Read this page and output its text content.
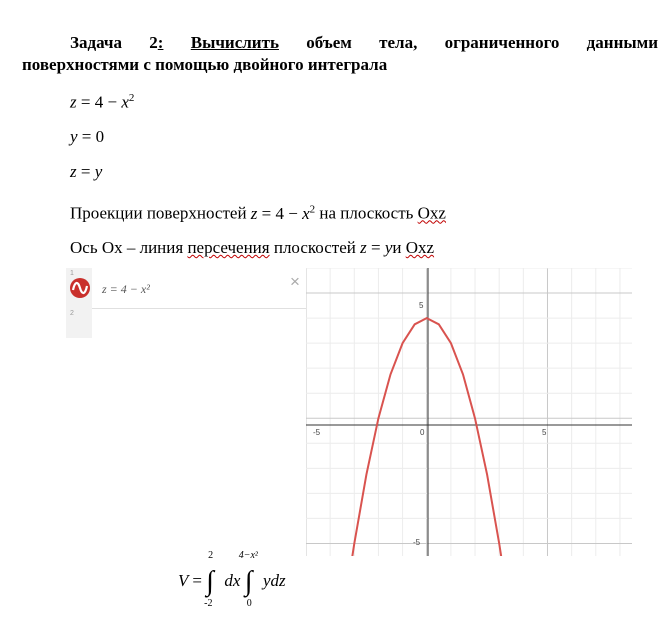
Задача 2: Вычислить объем тела, ограниченного данными
поверхностями с помощью двойного интеграла
$z = 4 - x^2$
y = 0
z = y
Проекции поверхностей $z = 4 - x^2$ на плоскость Oxz
Ось Ox – линия персечения плоскостей z = yи Oxz
1
2
z = 4 − x²	×
-5	0	5
5
-5
V =
2
∫
-2
dx
4−x²
∫
0
ydz
